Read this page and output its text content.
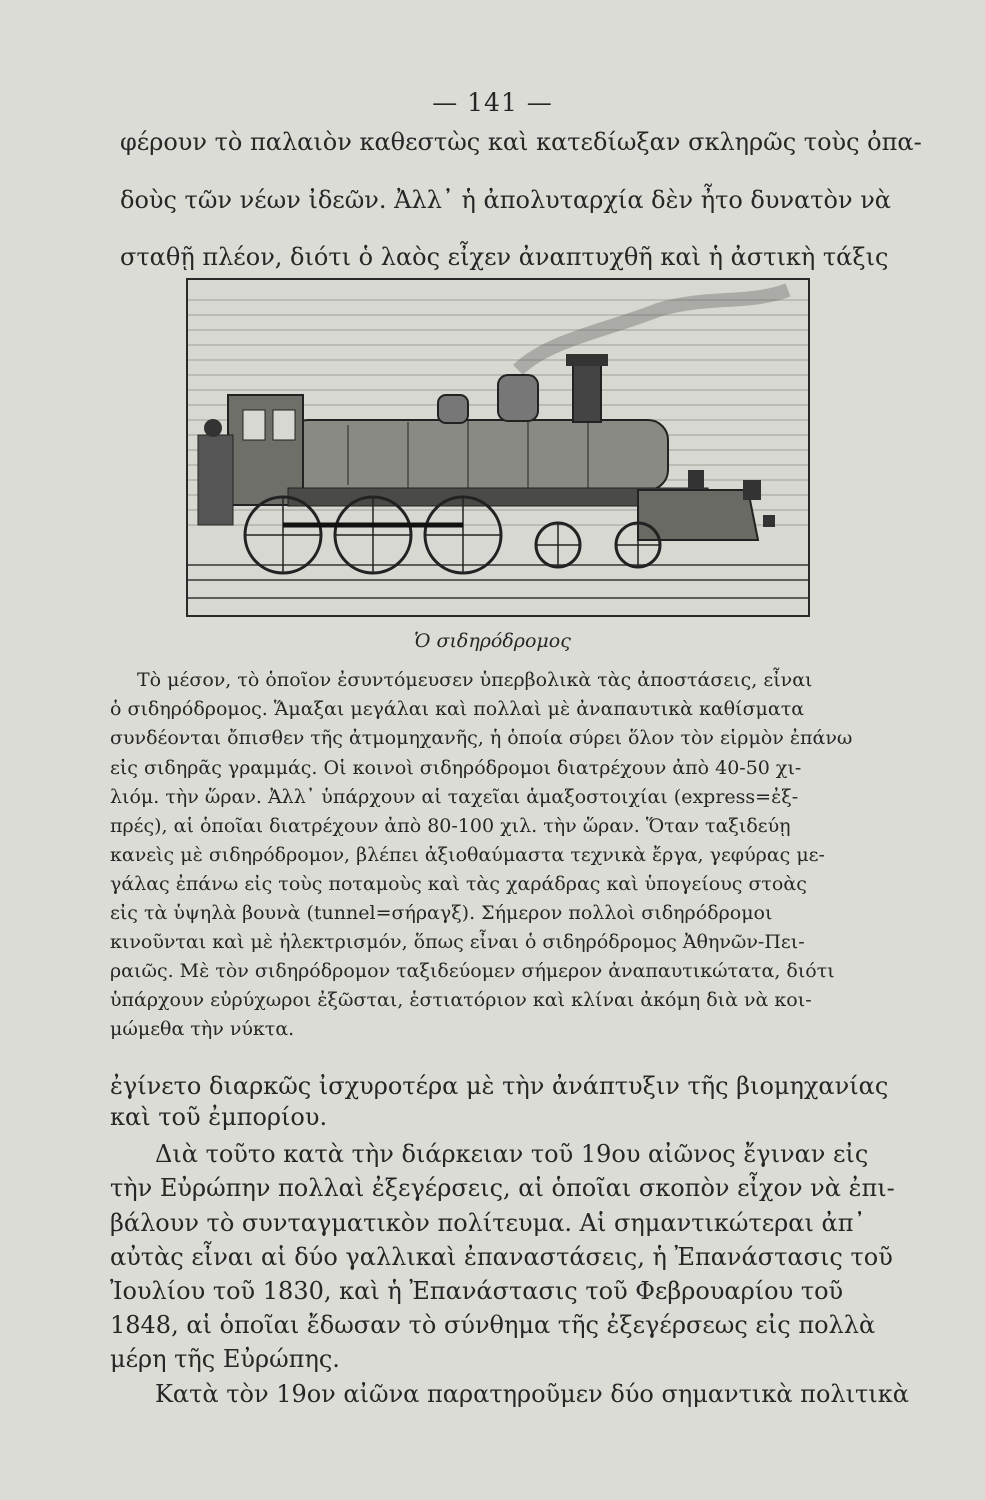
— 141 —
φέρουν τὸ παλαιὸν καθεστὼς καὶ κατεδίωξαν σκληρῶς τοὺς ὀπα-
δοὺς τῶν νέων ἰδεῶν. Ἀλλ᾽ ἡ ἀπολυταρχία δὲν ἦτο δυνατὸν νὰ
σταθῇ πλέον, διότι ὁ λαὸς εἶχεν ἀναπτυχθῆ καὶ ἡ ἀστικὴ τάξις
Ὁ σιδηρόδρομος
Τὸ μέσον, τὸ ὁποῖον ἐσυντόμευσεν ὑπερβολικὰ τὰς ἀποστάσεις, εἶναι
ὁ σιδηρόδρομος. Ἅμαξαι μεγάλαι καὶ πολλαὶ μὲ ἀναπαυτικὰ καθίσματα
συνδέονται ὄπισθεν τῆς ἀτμομηχανῆς, ἡ ὁποία σύρει ὅλον τὸν εἱρμὸν ἐπάνω
εἰς σιδηρᾶς γραμμάς. Οἱ κοινοὶ σιδηρόδρομοι διατρέχουν ἀπὸ 40-50 χι-
λιόμ. τὴν ὥραν. Ἀλλ᾽ ὑπάρχουν αἱ ταχεῖαι ἁμαξοστοιχίαι (express=ἐξ-
πρές), αἱ ὁποῖαι διατρέχουν ἀπὸ 80-100 χιλ. τὴν ὥραν. Ὅταν ταξιδεύῃ
κανεὶς μὲ σιδηρόδρομον, βλέπει ἀξιοθαύμαστα τεχνικὰ ἔργα, γεφύρας με-
γάλας ἐπάνω εἰς τοὺς ποταμοὺς καὶ τὰς χαράδρας καὶ ὑπογείους στοὰς
εἰς τὰ ὑψηλὰ βουνὰ (tunnel=σήραγξ). Σήμερον πολλοὶ σιδηρόδρομοι
κινοῦνται καὶ μὲ ἠλεκτρισμόν, ὅπως εἶναι ὁ σιδηρόδρομος Ἀθηνῶν-Πει-
ραιῶς. Μὲ τὸν σιδηρόδρομον ταξιδεύομεν σήμερον ἀναπαυτικώτατα, διότι
ὑπάρχουν εὐρύχωροι ἐξῶσται, ἑστιατόριον καὶ κλίναι ἀκόμη διὰ νὰ κοι-
μώμεθα τὴν νύκτα.
ἐγίνετο διαρκῶς ἰσχυροτέρα μὲ τὴν ἀνάπτυξιν τῆς βιομηχανίας
καὶ τοῦ ἐμπορίου.
Διὰ τοῦτο κατὰ τὴν διάρκειαν τοῦ 19ου αἰῶνος ἔγιναν εἰς
τὴν Εὐρώπην πολλαὶ ἐξεγέρσεις, αἱ ὁποῖαι σκοπὸν εἶχον νὰ ἐπι-
βάλουν τὸ συνταγματικὸν πολίτευμα. Αἱ σημαντικώτεραι ἀπ᾽
αὐτὰς εἶναι αἱ δύο γαλλικαὶ ἐπαναστάσεις, ἡ Ἐπανάστασις τοῦ
Ἰουλίου τοῦ 1830, καὶ ἡ Ἐπανάστασις τοῦ Φεβρουαρίου τοῦ
1848, αἱ ὁποῖαι ἔδωσαν τὸ σύνθημα τῆς ἐξεγέρσεως εἰς πολλὰ
μέρη τῆς Εὐρώπης.
Κατὰ τὸν 19ον αἰῶνα παρατηροῦμεν δύο σημαντικὰ πολιτικὰ
